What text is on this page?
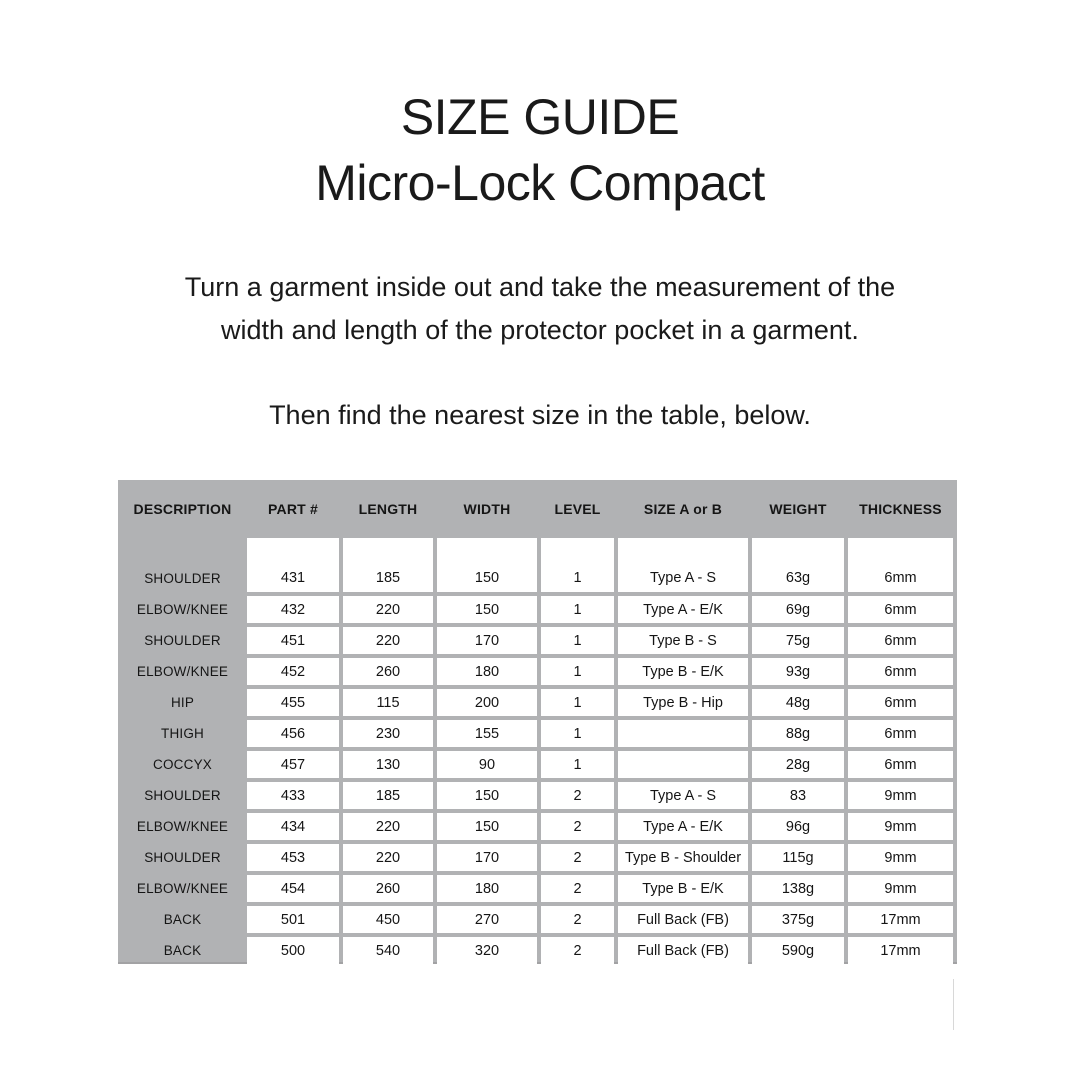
SIZE GUIDE
Micro-Lock Compact
Turn a garment inside out and take the measurement of the
width and length of the protector pocket in a garment.
Then find the nearest size in the table, below.
DESCRIPTION	PART #	LENGTH	WIDTH	LEVEL	SIZE A or B	WEIGHT	THICKNESS
SHOULDER	431	185	150	1	Type A - S	63g	6mm
ELBOW/KNEE	432	220	150	1	Type A - E/K	69g	6mm
SHOULDER	451	220	170	1	Type B - S	75g	6mm
ELBOW/KNEE	452	260	180	1	Type B - E/K	93g	6mm
HIP	455	115	200	1	Type B - Hip	48g	6mm
THIGH	456	230	155	1		88g	6mm
COCCYX	457	130	90	1		28g	6mm
SHOULDER	433	185	150	2	Type A - S	83	9mm
ELBOW/KNEE	434	220	150	2	Type A - E/K	96g	9mm
SHOULDER	453	220	170	2	Type B - Shoulder	115g	9mm
ELBOW/KNEE	454	260	180	2	Type B - E/K	138g	9mm
BACK	501	450	270	2	Full Back (FB)	375g	17mm
BACK	500	540	320	2	Full Back (FB)	590g	17mm
